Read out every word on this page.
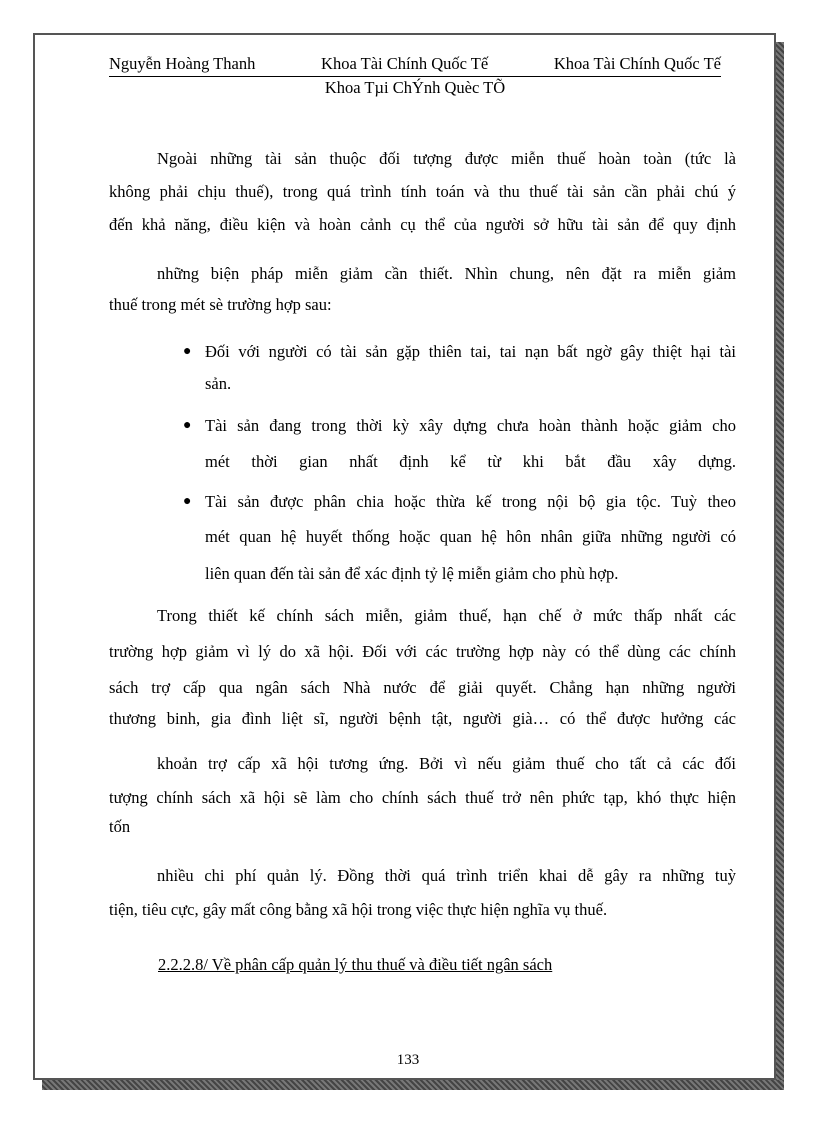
Nguyễn Hoàng Thanh	Khoa Tài Chính Quốc Tế	Khoa Tài Chính Quốc Tế
Khoa Tµi ChÝnh Quèc TÕ
Ngoài những tài sản thuộc đối tượng được miễn thuế hoàn toàn (tức là
không phải chịu thuế), trong quá trình tính toán và thu thuế tài sản cần phải chú ý
đến khả năng, điều kiện và hoàn cảnh cụ thể của người sở hữu tài sản để quy định
những biện pháp miễn giảm cần thiết. Nhìn chung, nên đặt ra miễn giảm
thuế trong mét sè trường hợp sau:
● Đối với người có tài sản gặp thiên tai, tai nạn bất ngờ gây thiệt hại tài
sản.
● Tài sản đang trong thời kỳ xây dựng chưa hoàn thành hoặc giảm cho
mét thời gian nhất định kể từ khi bắt đầu xây dựng.
● Tài sản được phân chia hoặc thừa kế trong nội bộ gia tộc. Tuỳ theo
mét quan hệ huyết thống hoặc quan hệ hôn nhân giữa những người có
liên quan đến tài sản để xác định tỷ lệ miễn giảm cho phù hợp.
Trong thiết kế chính sách miễn, giảm thuế, hạn chế ở mức thấp nhất các
trường hợp giảm vì lý do xã hội. Đối với các trường hợp này có thể dùng các chính
sách trợ cấp qua ngân sách Nhà nước để giải quyết. Chẳng hạn những người
thương binh, gia đình liệt sĩ, người bệnh tật, người già… có thể được hưởng các
khoản trợ cấp xã hội tương ứng. Bởi vì nếu giảm thuế cho tất cả các đối
tượng chính sách xã hội sẽ làm cho chính sách thuế trở nên phức tạp, khó thực hiện
tốn
nhiều chi phí quản lý. Đồng thời quá trình triển khai dễ gây ra những tuỳ
tiện, tiêu cực, gây mất công bằng xã hội trong việc thực hiện nghĩa vụ thuế.
2.2.2.8/ Về phân cấp quản lý thu thuế và điều tiết ngân sách
133
